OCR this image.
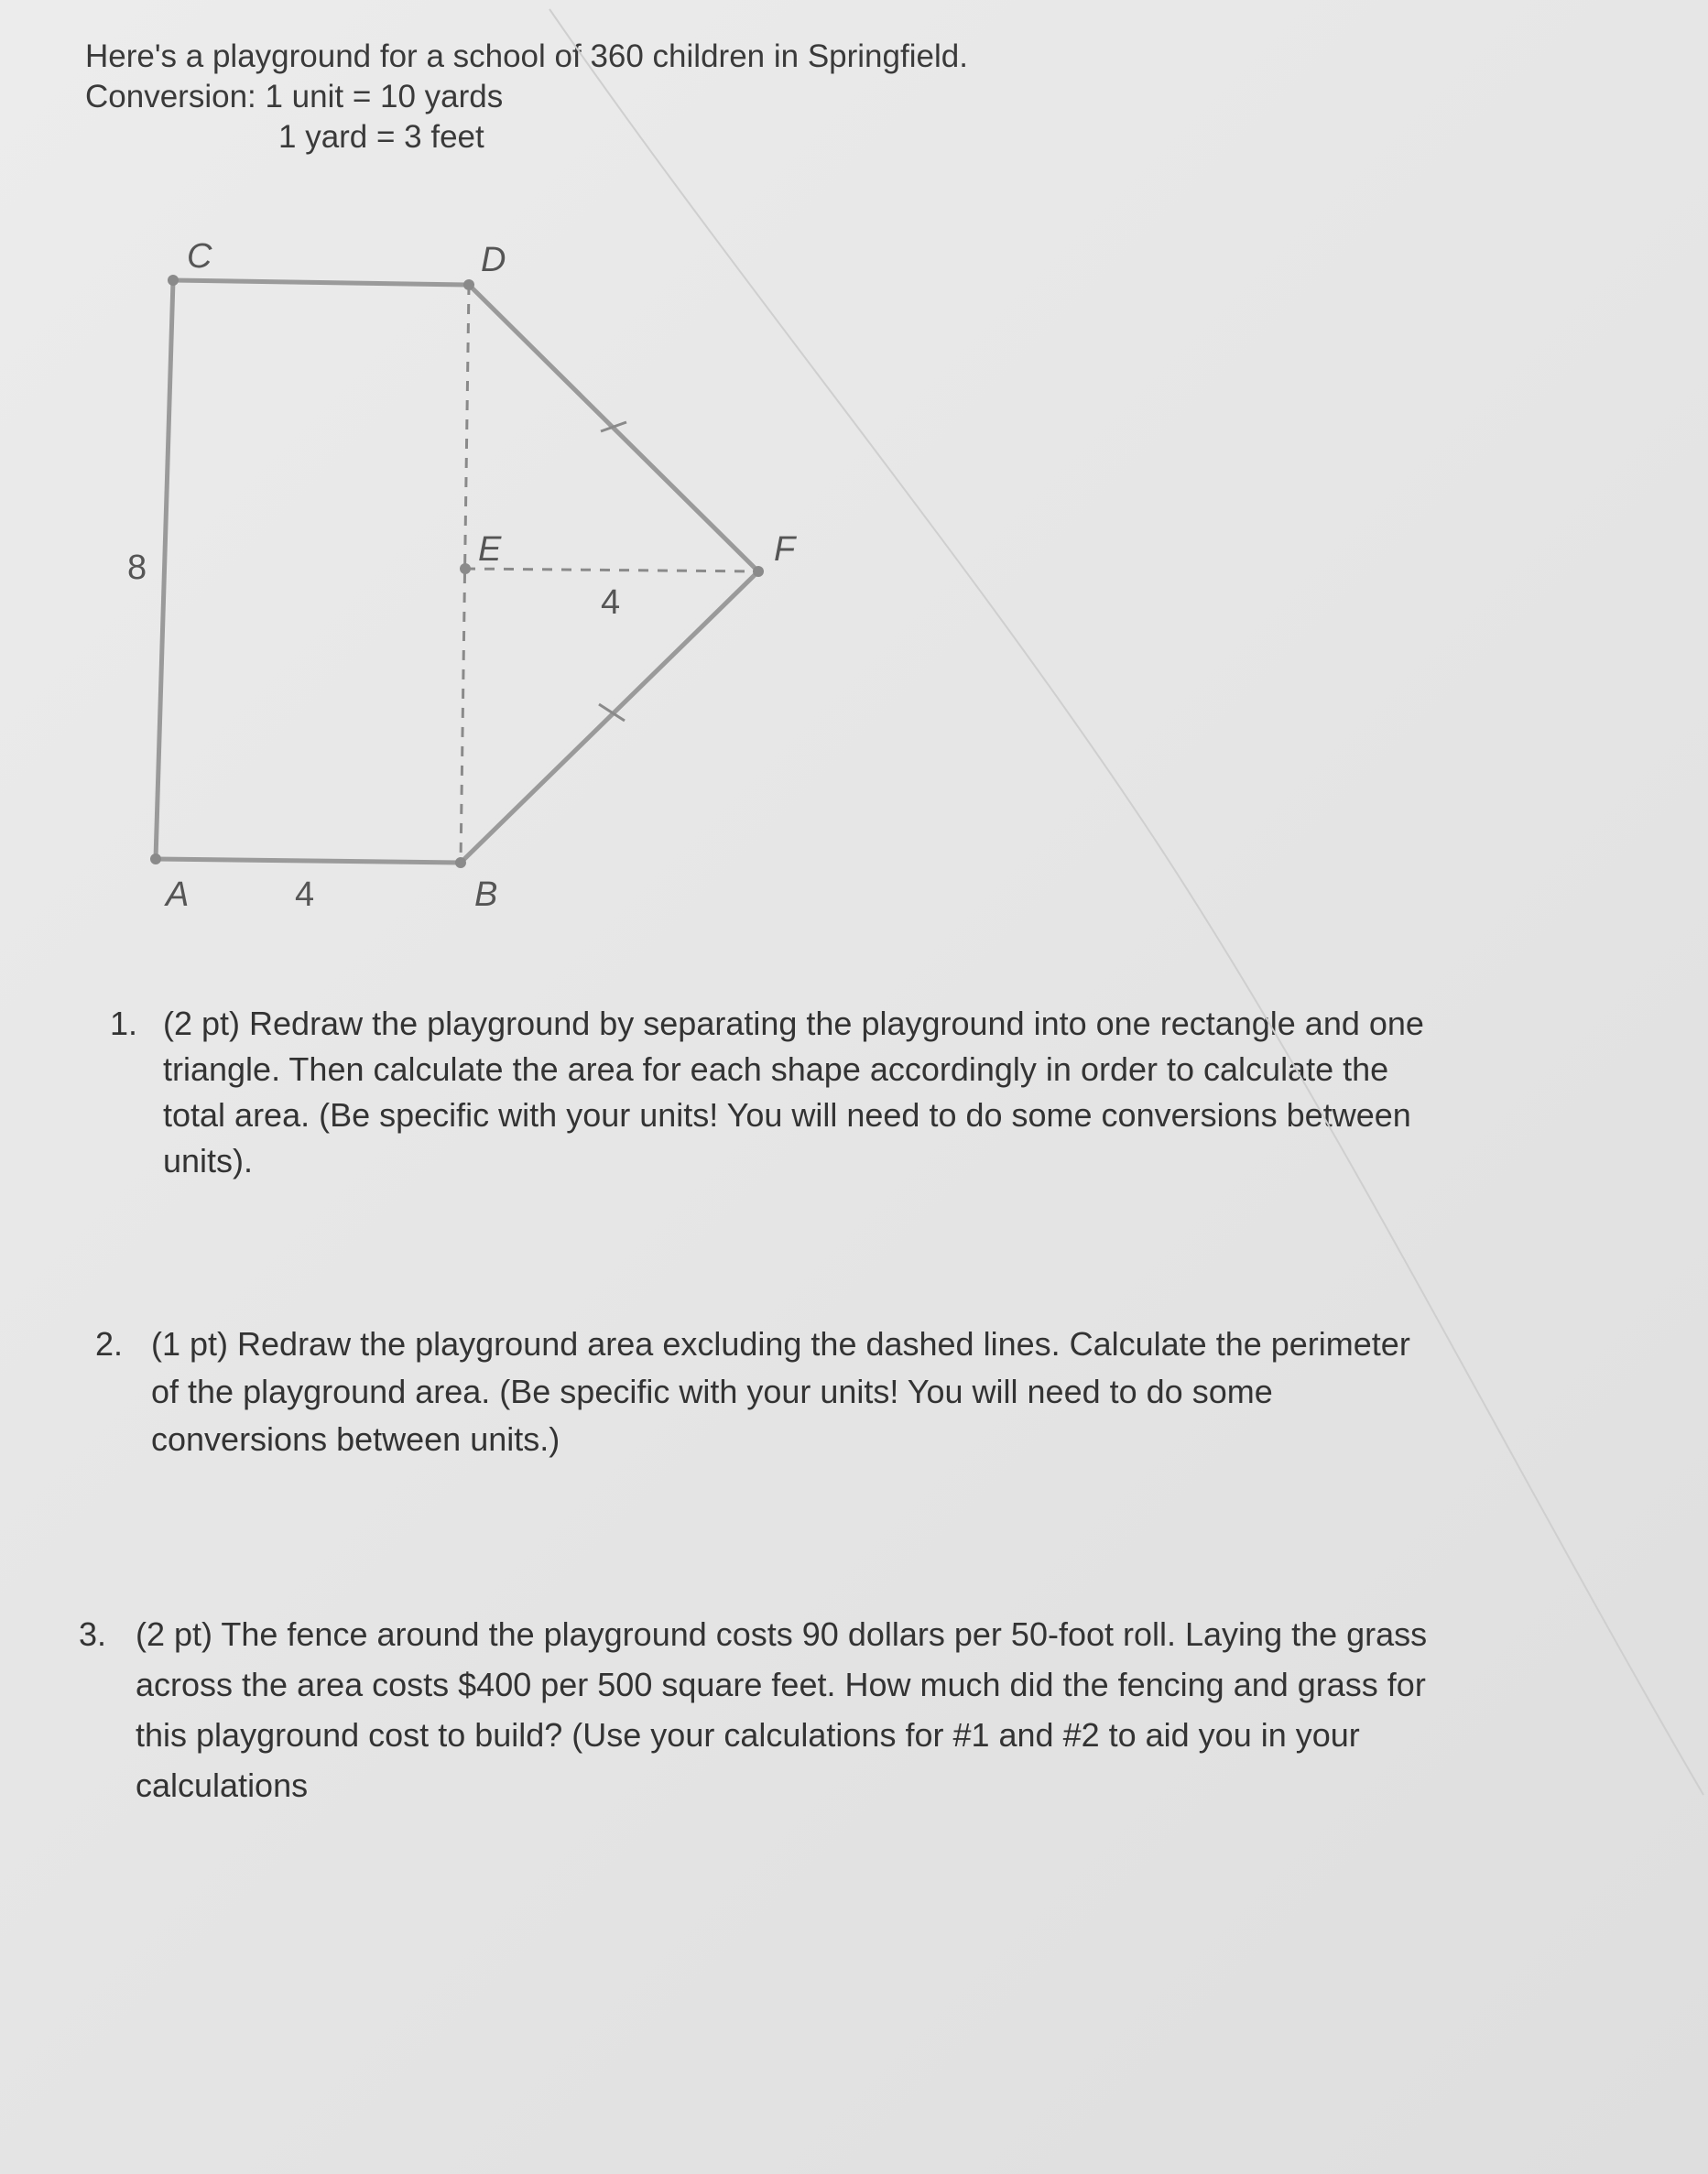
Here's a playground for a school of 360 children in Springfield.
Conversion: 1 unit = 10 yards
1 yard = 3 feet
C	D
E	F
A	B
8
4
4
1. (2 pt) Redraw the playground by separating the playground into one rectangle and one
triangle. Then calculate the area for each shape accordingly in order to calculate the
total area. (Be specific with your units! You will need to do some conversions between
units).
2. (1 pt) Redraw the playground area excluding the dashed lines. Calculate the perimeter
of the playground area. (Be specific with your units! You will need to do some
conversions between units.)
3. (2 pt) The fence around the playground costs 90 dollars per 50-foot roll. Laying the grass
across the area costs $400 per 500 square feet. How much did the fencing and grass for
this playground cost to build? (Use your calculations for #1 and #2 to aid you in your
calculations
